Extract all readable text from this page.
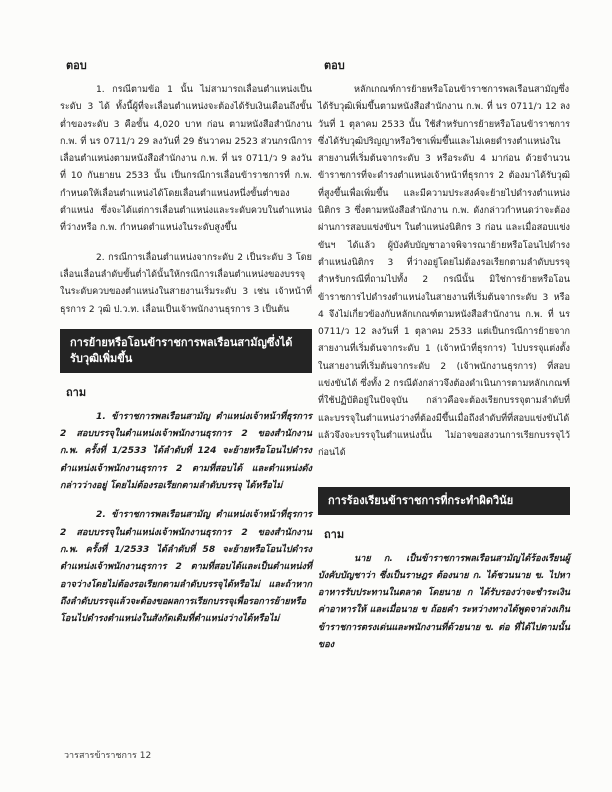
ตอบ

1. กรณีตามข้อ 1 นั้น ไม่สามารถเลื่อนตำแหน่งเป็นระดับ 3 ได้ ทั้งนี้ผู้ที่จะเลื่อนตำแหน่งจะต้องได้รับเงินเดือนถึงขั้นต่ำของระดับ 3 คือขั้น 4,020 บาท ก่อน ตามหนังสือสำนักงาน ก.พ. ที่ นร 0711/ว 29 ลงวันที่ 29 ธันวาคม 2523 ส่วนกรณีการเลื่อนตำแหน่งตามหนังสือสำนักงาน ก.พ. ที่ นร 0711/ว 9 ลงวันที่ 10 กันยายน 2533 นั้น เป็นกรณีการเลื่อนข้าราชการที่ ก.พ. กำหนดให้เลื่อนตำแหน่งได้โดยเลื่อนตำแหน่งหนึ่งขั้นต่ำของตำแหน่ง ซึ่งจะได้แต่การเลื่อนตำแหน่งและระดับควบในตำแหน่งที่ว่างหรือ ก.พ. กำหนดตำแหน่งในระดับสูงขึ้น

2. กรณีการเลื่อนตำแหน่งจากระดับ 2 เป็นระดับ 3 โดยเลื่อนเลื่อนลำดับขั้นต่ำได้นั้นให้กรณีการเลื่อนตำแหน่งของบรรจุในระดับควบของตำแหน่งในสายงานเริ่มระดับ 3 เช่น เจ้าหน้าที่ธุรการ 2 วุฒิ ป.ว.ท. เลื่อนเป็นเจ้าพนักงานธุรการ 3 เป็นต้น

การย้ายหรือโอนข้าราชการพลเรือนสามัญซึ่งได้รับวุฒิเพิ่มขึ้น
ถาม

1. ข้าราชการพลเรือนสามัญ ตำแหน่งเจ้าหน้าที่ธุรการ 2 สอบบรรจุในตำแหน่งเจ้าพนักงานธุรการ 2 ของสำนักงาน ก.พ. ครั้งที่ 1/2533 ได้ลำดับที่ 124 จะย้ายหรือโอนไปดำรงตำแหน่งเจ้าพนักงานธุรการ 2 ตามที่สอบได้ และตำแหน่งดังกล่าวว่างอยู่ โดยไม่ต้องรอเรียกตามลำดับบรรจุ ได้หรือไม่

2. ข้าราชการพลเรือนสามัญ ตำแหน่งเจ้าหน้าที่ธุรการ 2 สอบบรรจุในตำแหน่งเจ้าพนักงานธุรการ 2 ของสำนักงาน ก.พ. ครั้งที่ 1/2533 ได้ลำดับที่ 58 จะย้ายหรือโอนไปดำรงตำแหน่งเจ้าพนักงานธุรการ 2 ตามที่สอบได้และเป็นตำแหน่งที่อาจว่างโดยไม่ต้องรอเรียกตามลำดับบรรจุได้หรือไม่ และถ้าหากถึงลำดับบรรจุแล้วจะต้องขอผลการเรียกบรรจุเพื่อรอการย้ายหรือโอนไปดำรงตำแหน่งในสังกัดเดิมที่ตำแหน่งว่างได้หรือไม่

ตอบ

หลักเกณฑ์การย้ายหรือโอนข้าราชการพลเรือนสามัญซึ่งได้รับวุฒิเพิ่มขึ้นตามหนังสือสำนักงาน ก.พ. ที่ นร 0711/ว 12 ลงวันที่ 1 ตุลาคม 2533 นั้น ใช้สำหรับการย้ายหรือโอนข้าราชการซึ่งได้รับวุฒิปริญญาหรือวิชาเพิ่มขึ้นและไม่เคยดำรงตำแหน่งในสายงานที่เริ่มต้นจากระดับ 3 หรือระดับ 4 มาก่อน ด้วยจำนวนข้าราชการที่จะดำรงตำแหน่งเจ้าหน้าที่ธุรการ 2 ต้องมาได้รับวุฒิที่สูงขึ้นเพื่อเพิ่มขึ้น และมีความประสงค์จะย้ายไปดำรงตำแหน่งนิติกร 3 ซึ่งตามหนังสือสำนักงาน ก.พ. ดังกล่าวกำหนดว่าจะต้องผ่านการสอบแข่งขันฯ ในตำแหน่งนิติกร 3 ก่อน และเมื่อสอบแข่งขันฯ ได้แล้ว ผู้บังคับบัญชาอาจพิจารณาย้ายหรือโอนไปดำรงตำแหน่งนิติกร 3 ที่ว่างอยู่โดยไม่ต้องรอเรียกตามลำดับบรรจุ สำหรับกรณีที่ถามไปทั้ง 2 กรณีนั้น มิใช่การย้ายหรือโอนข้าราชการไปดำรงตำแหน่งในสายงานที่เริ่มต้นจากระดับ 3 หรือ 4 จึงไม่เกี่ยวข้องกับหลักเกณฑ์ตามหนังสือสำนักงาน ก.พ. ที่ นร 0711/ว 12 ลงวันที่ 1 ตุลาคม 2533 แต่เป็นกรณีการย้ายจากสายงานที่เริ่มต้นจากระดับ 1 (เจ้าหน้าที่ธุรการ) ไปบรรจุแต่งตั้งในสายงานที่เริ่มต้นจากระดับ 2 (เจ้าพนักงานธุรการ) ที่สอบแข่งขันได้ ซึ่งทั้ง 2 กรณีดังกล่าวจึงต้องดำเนินการตามหลักเกณฑ์ที่ใช้ปฏิบัติอยู่ในปัจจุบัน กล่าวคือจะต้องเรียกบรรจุตามลำดับที่ และบรรจุในตำแหน่งว่างที่ต้องมีขึ้นเมื่อถึงลำดับที่ที่สอบแข่งขันได้แล้วจึงจะบรรจุในตำแหน่งนั้น ไม่อาจขอสงวนการเรียกบรรจุไว้ก่อนได้

การร้องเรียนข้าราชการที่กระทำผิดวินัย
ถาม

นาย ก. เป็นข้าราชการพลเรือนสามัญได้ร้องเรียนผู้บังคับบัญชาว่า ซึ่งเป็นราษฎร ต้องนาย ก. ได้ชวนนาย ข. ไปหาอาหารรับประทานในตลาด โดยนาย ก ได้รับรองว่าจะชำระเงินค่าอาหารให้ และเมื่อนาย ข ถ้อยคำ ระหว่างทางได้พูดจาล่วงเกินข้าราชการตรงเด่นและพนักงานที่ด้วยนาย ข. ต่อ ที่ได้ไปตามนั้นของ

วารสารข้าราชการ 12
